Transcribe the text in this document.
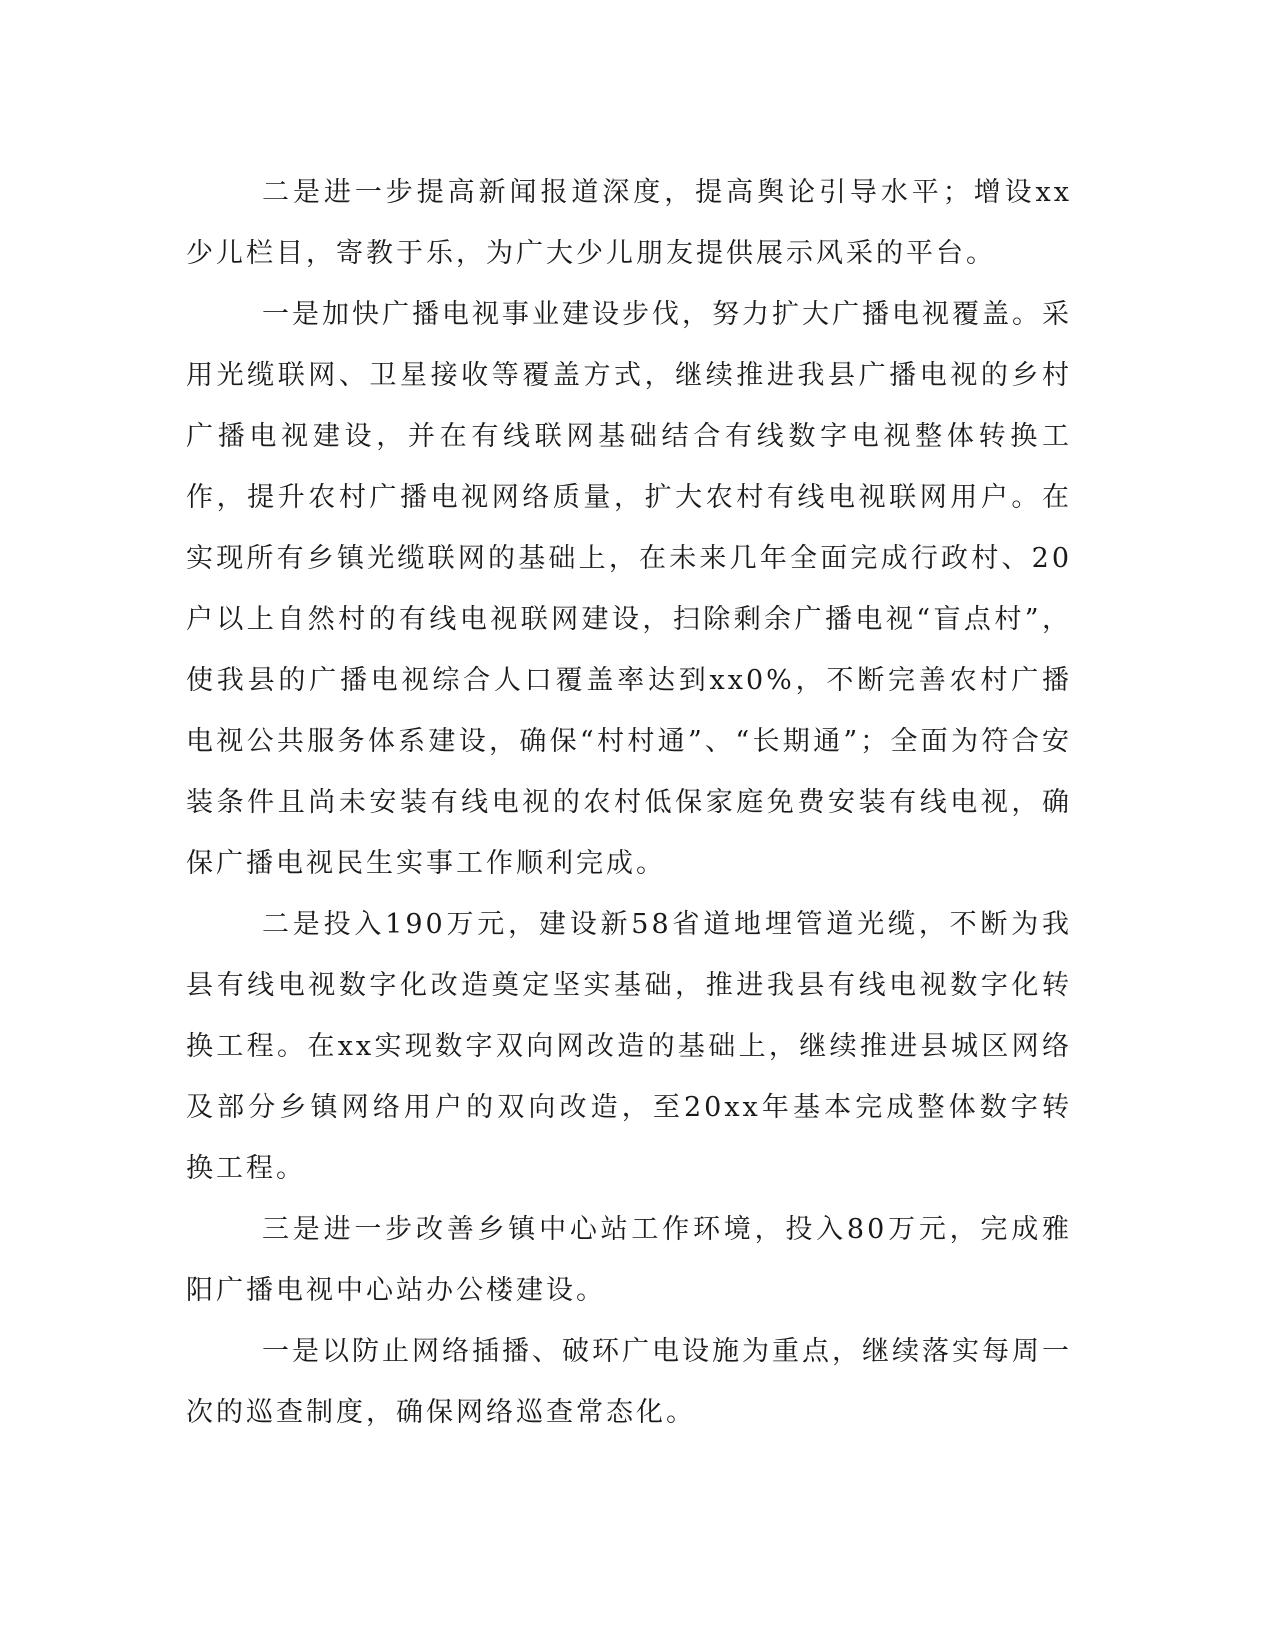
二是进一步提高新闻报道深度，提高舆论引导水平；增设xx少儿栏目，寄教于乐，为广大少儿朋友提供展示风采的平台。

一是加快广播电视事业建设步伐，努力扩大广播电视覆盖。采用光缆联网、卫星接收等覆盖方式，继续推进我县广播电视的乡村广播电视建设，并在有线联网基础结合有线数字电视整体转换工作，提升农村广播电视网络质量，扩大农村有线电视联网用户。在实现所有乡镇光缆联网的基础上，在未来几年全面完成行政村、20户以上自然村的有线电视联网建设，扫除剩余广播电视“盲点村”，使我县的广播电视综合人口覆盖率达到xx0%，不断完善农村广播电视公共服务体系建设，确保“村村通”、“长期通”；全面为符合安装条件且尚未安装有线电视的农村低保家庭免费安装有线电视，确保广播电视民生实事工作顺利完成。

二是投入190万元，建设新58省道地埋管道光缆，不断为我县有线电视数字化改造奠定坚实基础，推进我县有线电视数字化转换工程。在xx实现数字双向网改造的基础上，继续推进县城区网络及部分乡镇网络用户的双向改造，至20xx年基本完成整体数字转换工程。

三是进一步改善乡镇中心站工作环境，投入80万元，完成雅阳广播电视中心站办公楼建设。

一是以防止网络插播、破环广电设施为重点，继续落实每周一次的巡查制度，确保网络巡查常态化。
